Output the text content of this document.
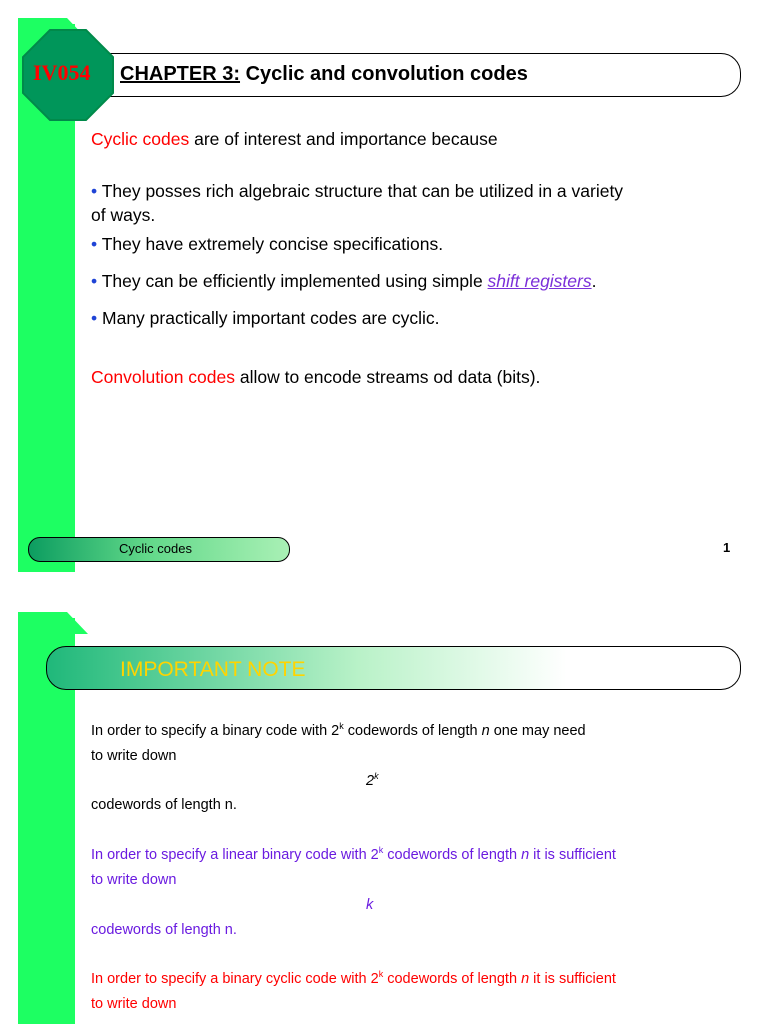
IV054 CHAPTER 3: Cyclic and convolution codes
Cyclic codes are of interest and importance because
• They posses rich algebraic structure that can be utilized in a variety
of ways.
• They have extremely concise specifications.
• They can be efficiently implemented using simple shift registers.
• Many practically important codes are cyclic.
Convolution codes allow to encode streams od data (bits).
Cyclic codes	1
IMPORTANT NOTE
In order to specify a binary code with 2$^k$ codewords of length n one may need
to write down
2$^k$
codewords of length n.
In order to specify a linear binary code with 2$^k$ codewords of length n it is sufficient
to write down
k
codewords of length n.
In order to specify a binary cyclic code with 2$^k$ codewords of length n it is sufficient
to write down
